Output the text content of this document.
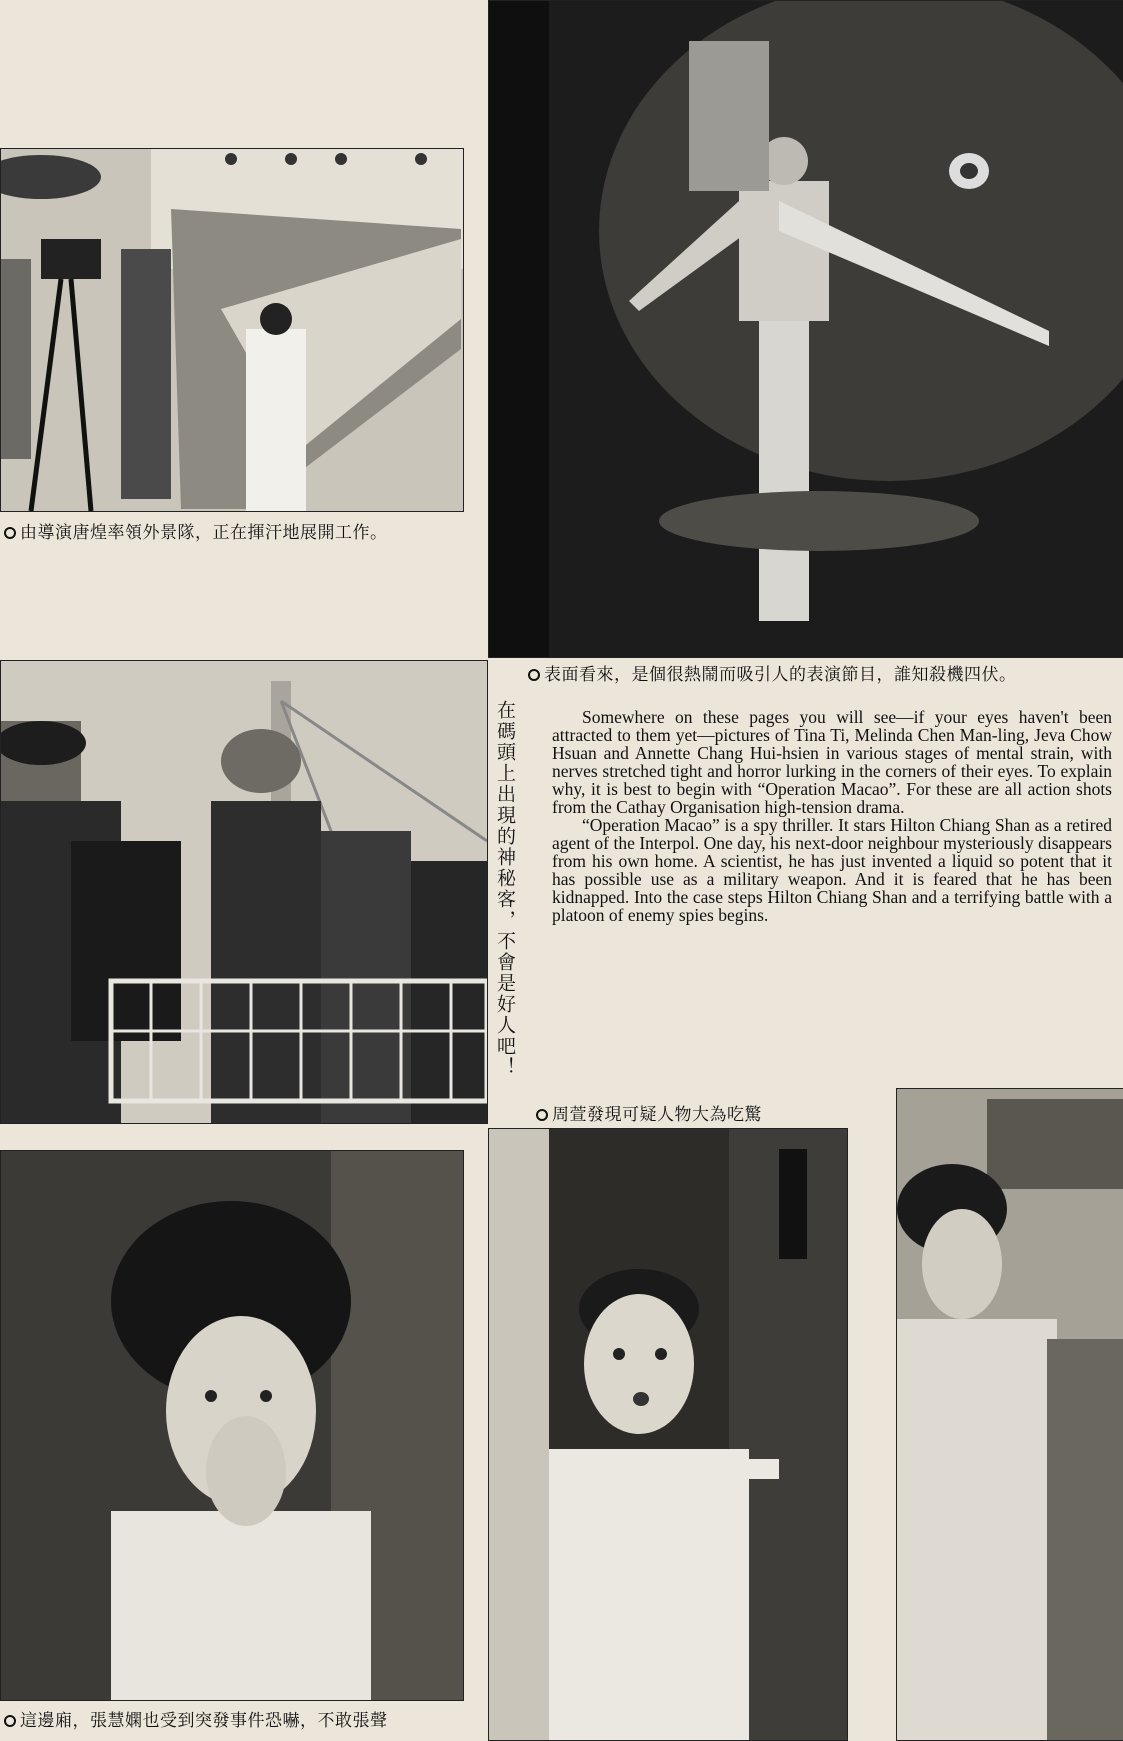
由導演唐煌率領外景隊，正在揮汗地展開工作。
表面看來，是個很熱鬧而吸引人的表演節目，誰知殺機四伏。
在碼頭上出現的神秘客，不會是好人吧！	Somewhere on these pages you will see—if your eyes haven't been attracted to them yet—pictures of Tina Ti, Melinda Chen Man-ling, Jeva Chow Hsuan and Annette Chang Hui-hsien in various stages of mental strain, with nerves stretched tight and horror lurking in the corners of their eyes. To explain why, it is best to begin with “Operation Macao”. For these are all action shots from the Cathay Organisation high-tension drama.

“Operation Macao” is a spy thriller. It stars Hilton Chiang Shan as a retired agent of the Interpol. One day, his next-door neighbour mysteriously disappears from his own home. A scientist, he has just invented a liquid so potent that it has possible use as a military weapon. And it is feared that he has been kidnapped. Into the case steps Hilton Chiang Shan and a terrifying battle with a platoon of enemy spies begins.

周萱發現可疑人物大為吃驚
這邊廂，張慧嫻也受到突發事件恐嚇，不敢張聲
